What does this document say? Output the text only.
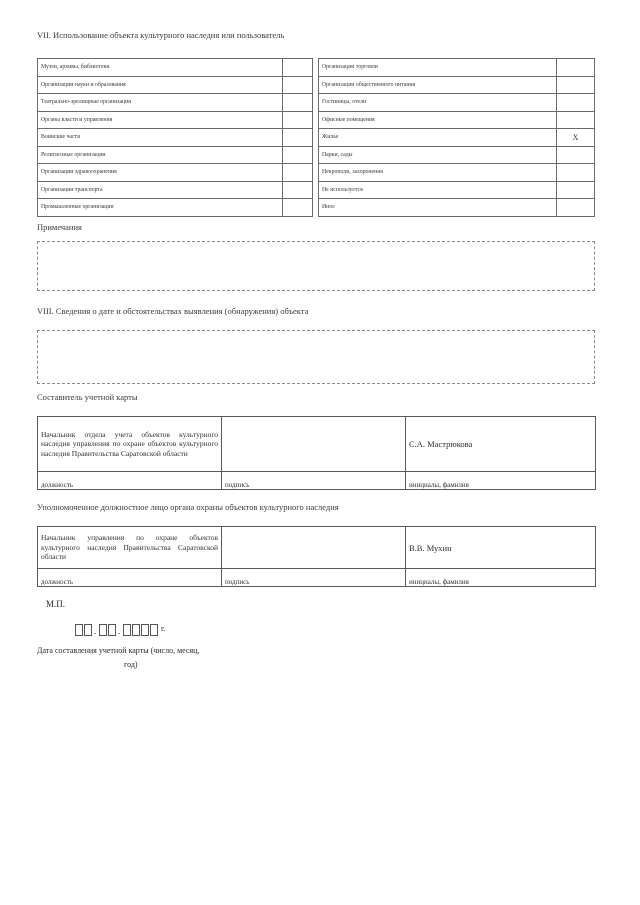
VII. Использование объекта культурного наследия или пользователь
Музеи, архивы, библиотеки	
Организации науки и образования	
Театрально-зрелищные организации	
Органы власти и управления	
Воинские части	
Религиозные организации	
Организации здравоохранения	
Организации транспорта	
Промышленные организации	
Организации торговли	
Организации общественного питания	
Гостиницы, отели	
Офисные помещения	
Жилье	X
Парки, сады	
Некрополи, захоронения	
Не используется	
Иное	
Примечания
VIII. Сведения о дате и обстоятельствах выявления (обнаружения) объекта
Составитель учетной карты
Начальник отдела учета объектов культурного наследия управления по охране объектов культурного наследия Правительства Саратовской области		С.А. Мастрюкова
должность	подпись	инициалы, фамилия
Уполномоченное должностное лицо органа охраны объектов культурного наследия
Начальник управления по охране объектов культурного наследия Правительства Саратовской области		В.В. Мухин
должность	подпись	инициалы, фамилия
М.П.
. .	г.
Дата составления учетной карты (число, месяц,
год)
